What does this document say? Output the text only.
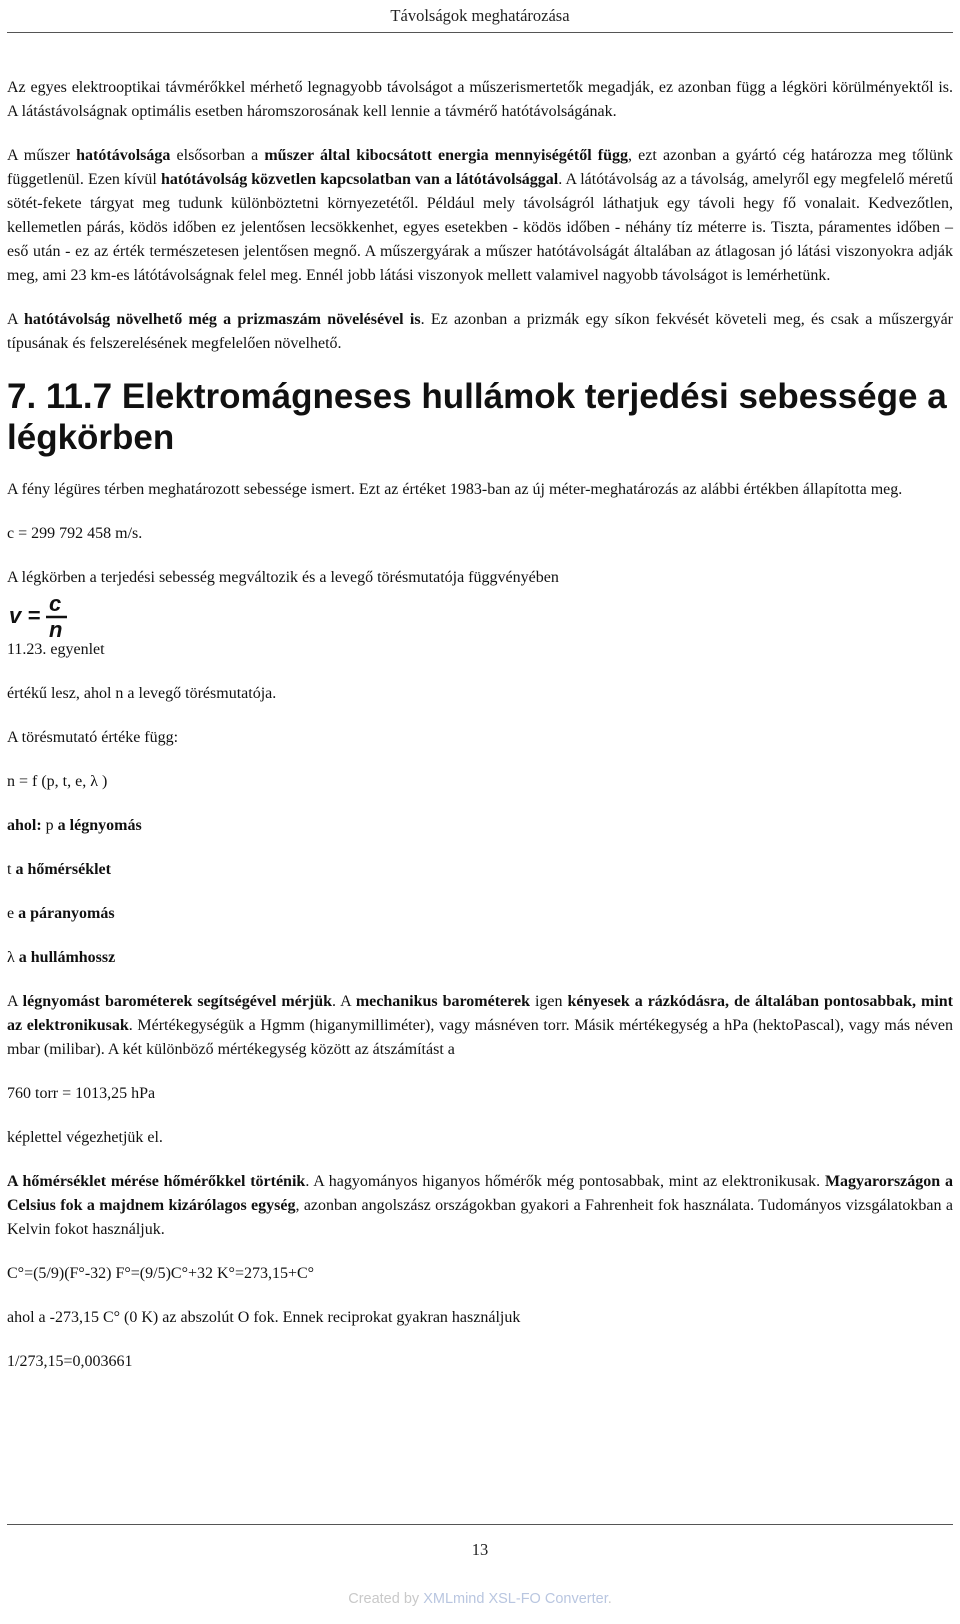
Távolságok meghatározása

Az egyes elektrooptikai távmérőkkel mérhető legnagyobb távolságot a műszerismertetők megadják, ez azonban függ a légköri körülményektől is. A látástávolságnak optimális esetben háromszorosának kell lennie a távmérő hatótávolságának.

A műszer hatótávolsága elsősorban a műszer által kibocsátott energia mennyiségétől függ, ezt azonban a gyártó cég határozza meg tőlünk függetlenül. Ezen kívül hatótávolság közvetlen kapcsolatban van a látótávolsággal. A látótávolság az a távolság, amelyről egy megfelelő méretű sötét-fekete tárgyat meg tudunk különböztetni környezetétől. Például mely távolságról láthatjuk egy távoli hegy fő vonalait. Kedvezőtlen, kellemetlen párás, ködös időben ez jelentősen lecsökkenhet, egyes esetekben - ködös időben - néhány tíz méterre is. Tiszta, páramentes időben – eső után - ez az érték természetesen jelentősen megnő. A műszergyárak a műszer hatótávolságát általában az átlagosan jó látási viszonyokra adják meg, ami 23 km-es látótávolságnak felel meg. Ennél jobb látási viszonyok mellett valamivel nagyobb távolságot is lemérhetünk.

A hatótávolság növelhető még a prizmaszám növelésével is. Ez azonban a prizmák egy síkon fekvését követeli meg, és csak a műszergyár típusának és felszerelésének megfelelően növelhető.

7. 11.7 Elektromágneses hullámok terjedési sebessége a légkörben

A fény légüres térben meghatározott sebessége ismert. Ezt az értéket 1983-ban az új méter-meghatározás az alábbi értékben állapította meg.

c = 299 792 458 m/s.

A légkörben a terjedési sebesség megváltozik és a levegő törésmutatója függvényében

v = c
n

11.23. egyenlet

értékű lesz, ahol n a levegő törésmutatója.

A törésmutató értéke függ:

n = f (p, t, e, λ )

ahol: p a légnyomás

t a hőmérséklet

e a páranyomás

λ a hullámhossz

A légnyomást barométerek segítségével mérjük. A mechanikus barométerek igen kényesek a rázkódásra, de általában pontosabbak, mint az elektronikusak. Mértékegységük a Hgmm (higanymilliméter), vagy másnéven torr. Másik mértékegység a hPa (hektoPascal), vagy más néven mbar (milibar). A két különböző mértékegység között az átszámítást a

760 torr = 1013,25 hPa

képlettel végezhetjük el.

A hőmérséklet mérése hőmérőkkel történik. A hagyományos higanyos hőmérők még pontosabbak, mint az elektronikusak. Magyarországon a Celsius fok a majdnem kizárólagos egység, azonban angolszász országokban gyakori a Fahrenheit fok használata. Tudományos vizsgálatokban a Kelvin fokot használjuk.

C°=(5/9)(F°-32) F°=(9/5)C°+32 K°=273,15+C°

ahol a -273,15 C° (0 K) az abszolút O fok. Ennek reciprokat gyakran használjuk

1/273,15=0,003661

13
Created by XMLmind XSL-FO Converter.
